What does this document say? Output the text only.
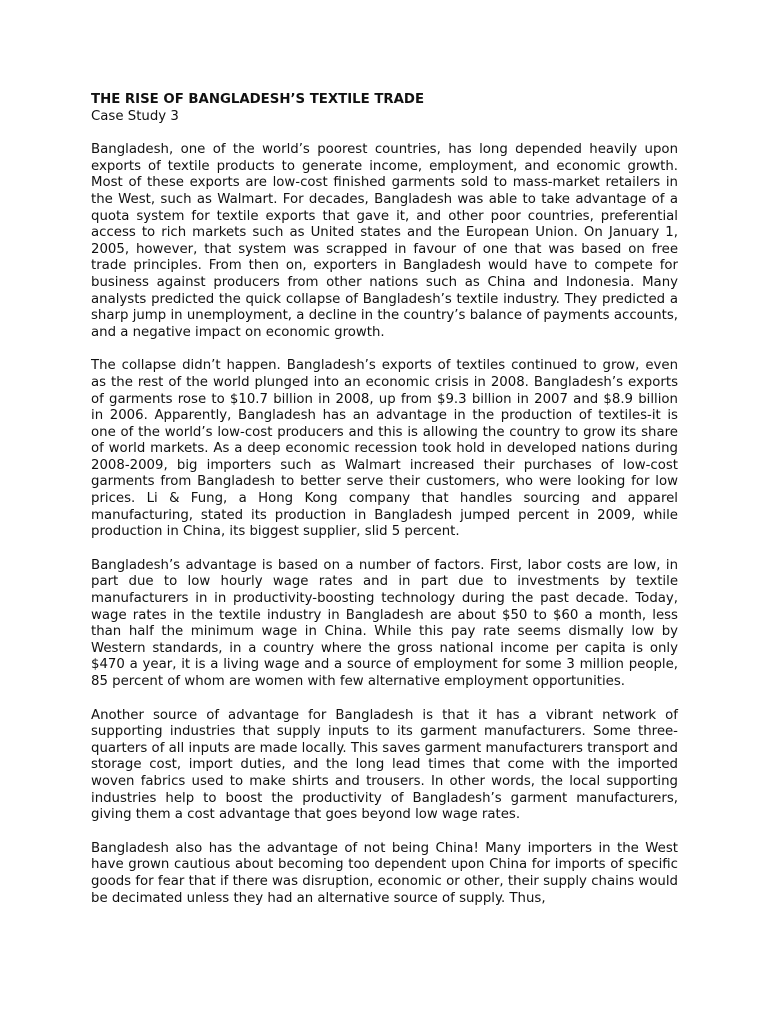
THE RISE OF BANGLADESH’S TEXTILE TRADE

Case Study 3

Bangladesh, one of the world’s poorest countries, has long depended heavily upon exports of textile products to generate income, employment, and economic growth. Most of these exports are low-cost finished garments sold to mass-market retailers in the West, such as Walmart. For decades, Bangladesh was able to take advantage of a quota system for textile exports that gave it, and other poor countries, preferential access to rich markets such as United states and the European Union. On January 1, 2005, however, that system was scrapped in favour of one that was based on free trade principles. From then on, exporters in Bangladesh would have to compete for business against producers from other nations such as China and Indonesia. Many analysts predicted the quick collapse of Bangladesh’s textile industry. They predicted a sharp jump in unemployment, a decline in the country’s balance of payments accounts, and a negative impact on economic growth.

The collapse didn’t happen. Bangladesh’s exports of textiles continued to grow, even as the rest of the world plunged into an economic crisis in 2008. Bangladesh’s exports of garments rose to $10.7 billion in 2008, up from $9.3 billion in 2007 and $8.9 billion in 2006. Apparently, Bangladesh has an advantage in the production of textiles-it is one of the world’s low-cost producers and this is allowing the country to grow its share of world markets. As a deep economic recession took hold in developed nations during 2008-2009, big importers such as Walmart increased their purchases of low-cost garments from Bangladesh to better serve their customers, who were looking for low prices. Li & Fung, a Hong Kong company that handles sourcing and apparel manufacturing, stated its production in Bangladesh jumped percent in 2009, while production in China, its biggest supplier, slid 5 percent.

Bangladesh’s advantage is based on a number of factors. First, labor costs are low, in part due to low hourly wage rates and in part due to investments by textile manufacturers in in productivity-boosting technology during the past decade. Today, wage rates in the textile industry in Bangladesh are about $50 to $60 a month, less than half the minimum wage in China. While this pay rate seems dismally low by Western standards, in a country where the gross national income per capita is only $470 a year, it is a living wage and a source of employment for some 3 million people, 85 percent of whom are women with few alternative employment opportunities.

Another source of advantage for Bangladesh is that it has a vibrant network of supporting industries that supply inputs to its garment manufacturers. Some three-quarters of all inputs are made locally. This saves garment manufacturers transport and storage cost, import duties, and the long lead times that come with the imported woven fabrics used to make shirts and trousers. In other words, the local supporting industries help to boost the productivity of Bangladesh’s garment manufacturers, giving them a cost advantage that goes beyond low wage rates.

Bangladesh also has the advantage of not being China! Many importers in the West have grown cautious about becoming too dependent upon China for imports of specific goods for fear that if there was disruption, economic or other, their supply chains would be decimated unless they had an alternative source of supply. Thus,
